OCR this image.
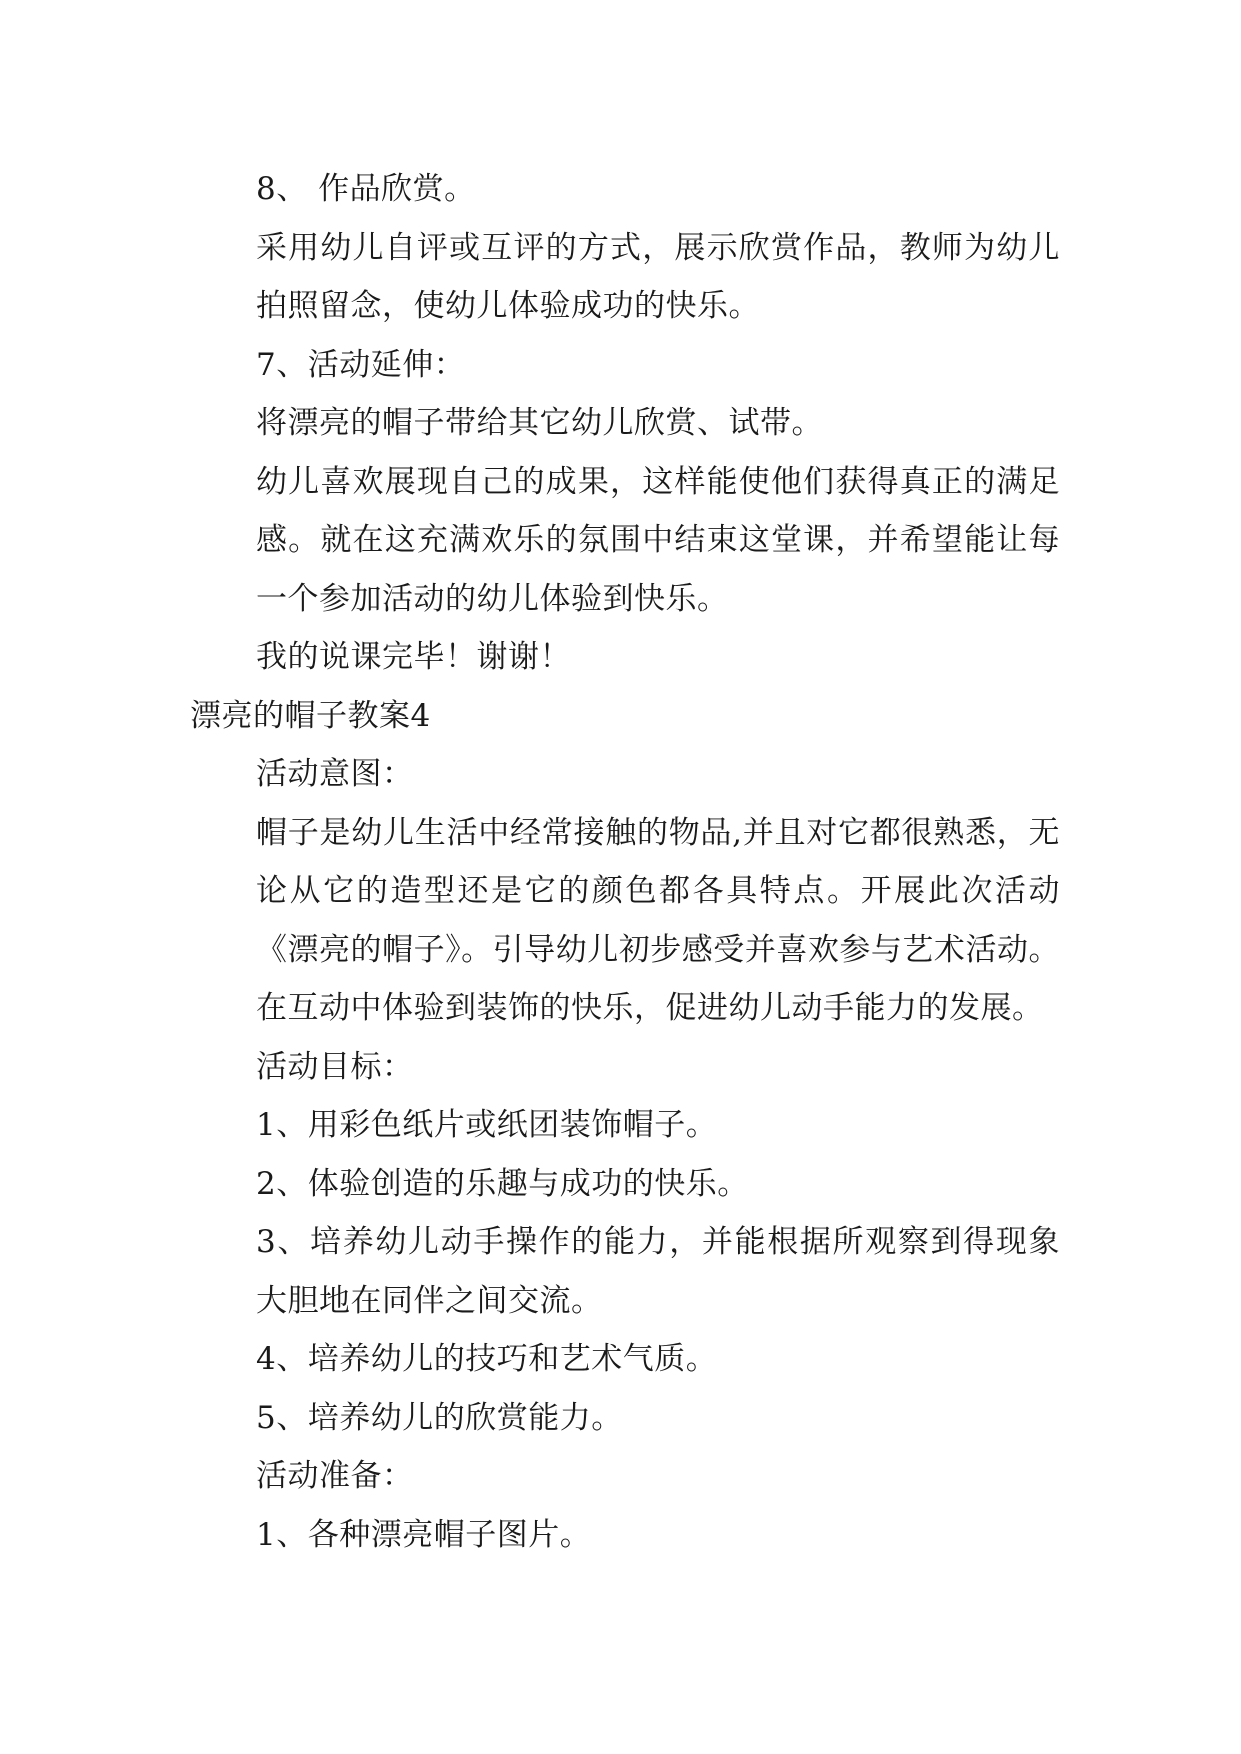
8、 作品欣赏。

采用幼儿自评或互评的方式，展示欣赏作品，教师为幼儿拍照留念，使幼儿体验成功的快乐。

7、活动延伸：

将漂亮的帽子带给其它幼儿欣赏、试带。

幼儿喜欢展现自己的成果，这样能使他们获得真正的满足感。就在这充满欢乐的氛围中结束这堂课，并希望能让每一个参加活动的幼儿体验到快乐。

我的说课完毕！谢谢！

漂亮的帽子教案4

活动意图：

帽子是幼儿生活中经常接触的物品,并且对它都很熟悉，无论从它的造型还是它的颜色都各具特点。开展此次活动《漂亮的帽子》。引导幼儿初步感受并喜欢参与艺术活动。在互动中体验到装饰的快乐，促进幼儿动手能力的发展。

活动目标：

1、用彩色纸片或纸团装饰帽子。

2、体验创造的乐趣与成功的快乐。

3、培养幼儿动手操作的能力，并能根据所观察到得现象大胆地在同伴之间交流。

4、培养幼儿的技巧和艺术气质。

5、培养幼儿的欣赏能力。

活动准备：

1、各种漂亮帽子图片。
